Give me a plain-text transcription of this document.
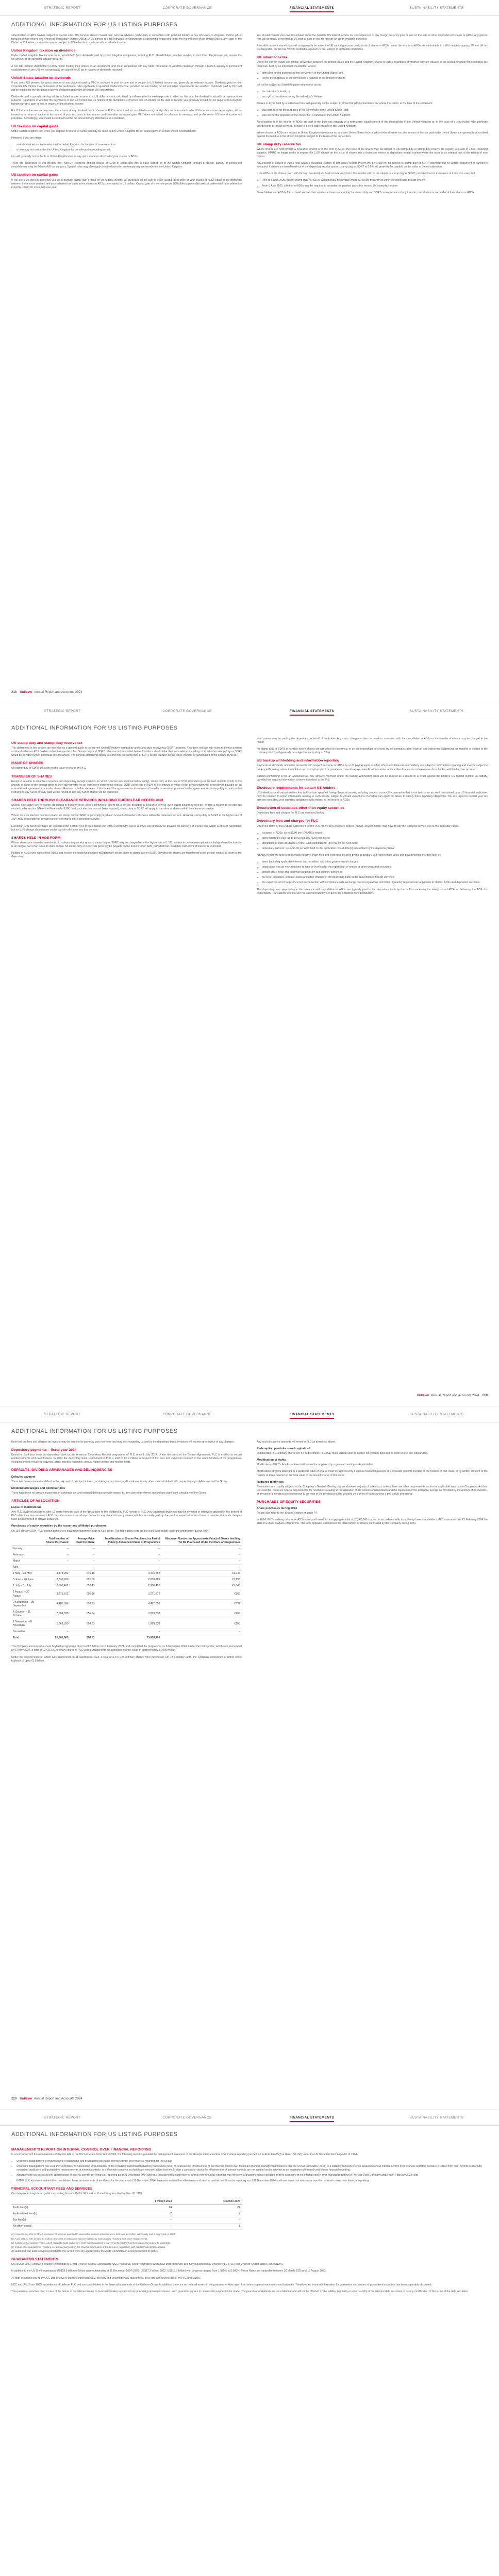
STRATEGIC REPORT	CORPORATE GOVERNANCE	FINANCIAL STATEMENTS	SUSTAINABILITY STATEMENTS
ADDITIONAL INFORMATION FOR US LISTING PURPOSES

shareholders or ADS holders subject to special rules. US persons should consult their own tax advisers, particularly in connection with potential liability to pay US taxes on disposal, lifetime gift or bequest of their shares and American Depositary Shares (ADSs). A US person is a US individual or corporation, a partnership organised under the federal laws of the United States, any state or the District of Columbia, or any other person subject to US federal income tax on its worldwide income.

United Kingdom taxation on dividends

Under United Kingdom law, income tax is not withheld from dividends paid by United Kingdom companies, including PLC. Shareholders, whether resident in the United Kingdom or not, receive the full amount of the dividend actually declared.

A non-UK resident shareholder or ADS holder holding their shares as an investment (and not in connection with any trade, profession or vocation carried on through a branch, agency or permanent establishment in the UK) will not generally be subject to UK tax in respect of dividends received.

United States taxation on dividends

If you are a US person, the gross amount of any dividend paid by PLC is included in your income and is subject to US federal income tax, generally as ordinary income. Dividends paid to non-corporate US holders may be taxable at the preferential rates applicable to qualified dividend income, provided certain holding period and other requirements are satisfied. Dividends paid by PLC will not be eligible for the dividends-received deduction generally allowed to US corporations.

Dividends paid in pounds sterling will be included in your income in a US dollar amount calculated by reference to the exchange rate in effect on the date the dividend is actually or constructively received, regardless of whether the payment is in fact converted into US dollars. If the dividend is converted into US dollars on the date of receipt, you generally should not be required to recognise foreign currency gain or loss in respect of the dividend income.

For US federal income tax purposes, the amount of any dividend paid in excess of PLC's current and accumulated earnings and profits, as determined under US federal income tax principles, will be treated as a return of capital to the extent of your tax basis in the shares, and thereafter as capital gain. PLC does not intend to calculate its earnings and profits under US federal income tax principles. Accordingly, you should expect to treat the full amount of any distribution as a dividend.

UK taxation on capital gains

Under United Kingdom law, when you dispose of shares or ADSs you may be liable to pay United Kingdom tax on capital gains in certain limited circumstances.

However, if you are either:

• an individual who is not resident in the United Kingdom for the year of assessment; or
• a company not resident in the United Kingdom for the relevant accounting period,

you will generally not be liable to United Kingdom tax on any gains made on disposal of your shares or ADSs.

There are exceptions to this general rule. Non-UK residents holding shares or ADSs in connection with a trade carried on in the United Kingdom through a branch, agency or permanent establishment may be liable to UK tax on gains. Special rules may also apply to individuals who are temporarily non-resident in the United Kingdom.

US taxation on capital gains

If you are a US person, generally you will recognise capital gain or loss for US federal income tax purposes on the sale or other taxable disposition of your shares or ADSs equal to the difference between the amount realised and your adjusted tax basis in the shares or ADSs, determined in US dollars. Capital gain of a non-corporate US holder is generally taxed at preferential rates where the property is held for more than one year.

You should consult your own tax adviser about the possible US federal income tax consequences of any foreign currency gain or loss on the sale or other disposition of shares or ADSs. Any gain or loss will generally be treated as US source gain or loss for foreign tax credit limitation purposes.

A non-UK resident shareholder will not generally be subject to UK capital gains tax on disposal of shares or ADSs unless the shares or ADSs are attributable to a UK branch or agency. Where UK tax is chargeable, the UK tax may be creditable against US tax, subject to applicable limitations.

UK inheritance tax

Under the current estate and gift tax convention between the United States and the United Kingdom, shares or ADSs regardless of whether they are situated in the United Kingdom for inheritance tax purposes, held by an individual shareholder who is:

• domiciled for the purposes of the convention in the United States; and
• not for the purposes of the convention a national of the United Kingdom,

will not be subject to United Kingdom inheritance tax on:

• the individual's death; or
• on a gift of the shares during the individual's lifetime.

Shares or ADSs held by a settlement trust will generally not be subject to United Kingdom inheritance tax where the settlor, at the time of the settlement:

• was domiciled for the purposes of the convention in the United States; and
• was not for the purposes of the convention a national of the United Kingdom.

An exception is if the shares or ADSs are part of the business property of a permanent establishment of the shareholder in the United Kingdom or, in the case of a shareholder who performs independent personal services, pertain to a fixed base situated in the United Kingdom.

Where shares or ADSs are subject to United Kingdom inheritance tax and also United States federal gift or federal estate tax, the amount of the tax paid in the United States can generally be credited against the tax due in the United Kingdom, subject to the terms of the convention.

UK stamp duty reserve tax

Where shares are held through a clearance system or in the form of ADSs, the issue of the shares may be subject to UK stamp duty or stamp duty reserve tax (SDRT) at a rate of 1.5%. Following litigation, HMRC no longer seeks to impose the 1.5% charge on the issue of shares into a clearance service or depositary receipt system where the issue is an integral part of the raising of new capital.

Any transfer of shares or ADSs held within a clearance system or depositary receipt system will generally not be subject to stamp duty or SDRT, provided that no written instrument of transfer is executed. If shares are transferred out of the depositary receipt system, stamp duty or SDRT at 0.5% will generally be payable on the value of the consideration.

If the ADSs or the shares (each with through brackets) are held in book entry form, the transfer will not be subject to stamp duty or SDRT, provided that no instrument of transfer is executed.

• Prior to 6 April 2025, neither stamp duty nor SDRT will generally be payable where ADSs are transferred within the depositary receipt system.
• From 6 April 2025, a holder of ADSs may be required to consider the position under the revised UK stamp tax regime.

Shareholders and ADS holders should consult their own tax advisers concerning the stamp duty and SDRT consequences of any transfer, cancellation or surrender of their shares or ADSs.

218 Unilever Annual Report and Accounts 2024
STRATEGIC REPORT	CORPORATE GOVERNANCE	FINANCIAL STATEMENTS	SUSTAINABILITY STATEMENTS
ADDITIONAL INFORMATION FOR US LISTING PURPOSES
UK stamp duty and stamp duty reserve tax

The statements in this section are intended as a general guide to the current United Kingdom stamp duty and stamp duty reserve tax (SDRT) position. This does not take into account the tax position of shareholders or ADS holders subject to special rules. Stamp duty and SDRT rules are not described below. Investors should take their own advice, including as to whether stamp duty or SDRT would be payable in their particular circumstances. The general statements below assume that no stamp duty or SDRT will be payable on the issue, transfer or cancellation of the shares or ADSs.

ISSUE OF SHARES

No stamp duty or SDRT will arise on the issue of shares by PLC.

TRANSFER OF SHARES

Except in relation to clearance services and depositary receipt systems (to which special rules outlined below apply), stamp duty at the rate of 0.5% (rounded up to the next multiple of £5) of the amount or value of the consideration is generally payable on an instrument transferring shares. SDRT at the rate of 0.5% of the amount or value of the consideration will generally be payable on an unconditional agreement to transfer shares. However, if within six years of the date of the agreement an instrument of transfer is executed pursuant to the agreement and stamp duty is paid on that instrument, any SDRT already paid will be refunded and any SDRT charge will be cancelled.

SHARES HELD THROUGH CLEARANCE SERVICES INCLUDING EUROCLEAR NEDERLAND

Special rules apply where shares are issued or transferred to, or to a nominee or agent for, a person providing a clearance service (a so-called clearance service). Where a clearance service has elected under section 97A of the Finance Act 1986 (and such election has not been revoked), stamp duty or SDRT will apply to transfers of shares within the clearance service.

Where no such election has been made, no stamp duty or SDRT is generally payable in respect of transfers of shares within the clearance service. However, stamp duty or SDRT at the higher rate of 1.5% may be payable on certain transfers of shares into a clearance service.

Euroclear Nederland has made an election under section 97A of the Finance Act 1986. Accordingly, SDRT at 0.5% will generally be payable on transfers of shares held within Euroclear Nederland, but no 1.5% charge should arise on the transfer of shares into that service.

SHARES HELD IN ADS FORM

Where shares are issued or transferred to a depositary receipt system, stamp duty or SDRT may be chargeable at the higher rate of 1.5%, subject to certain exemptions, including where the transfer is an integral part of an issue of share capital. No stamp duty or SDRT will generally be payable on the transfer of an ADS, provided that no written instrument of transfer is executed.

Holders of ADSs who cancel their ADSs and receive the underlying shares will generally not be liable to stamp duty or SDRT, provided the shares are transferred to the person entitled to them by the depositary.

which arises may be paid by the depositary on behalf of the holder. Any costs, charges or fees incurred in connection with the cancellation of ADSs or the transfer of shares may be charged to the holder.

No stamp duty or SDRT is payable where shares are cancelled or redeemed, or on the repurchase of shares by the company, other than on any instrument evidencing the transfer of shares to the company, which will generally be subject to stamp duty at 0.5%.

US backup withholding and information reporting

Payments of dividends and other proceeds with respect to shares or ADSs by a US paying agent or other US-related financial intermediary are subject to information reporting and may be subject to backup withholding unless the holder is an exempt recipient or provides a correct taxpayer identification number and certifies that no loss of exemption from backup withholding has occurred.

Backup withholding is not an additional tax. Any amounts withheld under the backup withholding rules will be allowed as a refund or a credit against the holder's US federal income tax liability, provided the required information is timely furnished to the IRS.

Disclosure requirements for certain US holders

US individuals and certain entities that hold certain specified foreign financial assets, including stock of a non-US corporation that is not held in an account maintained by a US financial institution, may be required to report information relating to such assets, subject to certain exceptions. Penalties can apply for failure to satisfy these reporting obligations. You are urged to consult your tax advisers regarding your reporting obligations with respect to the shares or ADSs.

Description of securities other than equity securities

Depositary fees and charges for PLC are described below.

Depositary fees and charges for PLC

Under the terms of the Deposit Agreement for the PLC American Depositary Shares (ADSs), an ADS holder may have to pay the following service fees to the depositary bank:

• issuance of ADSs: up to $5.00 per 100 ADSs issued;
• cancellation of ADSs: up to $5.00 per 100 ADSs cancelled;
• distribution of cash dividends or other cash distributions: up to $0.05 per ADS held;
• depositary services: up to $0.05 per ADS held on the applicable record date(s) established by the depositary bank.

An ADS holder will also be responsible to pay certain fees and expenses incurred by the depositary bank and certain taxes and governmental charges such as:

• taxes (including applicable interest and penalties) and other governmental charges;
• registration fees as may from time to time be in effect for the registration of shares or other deposited securities;
• certain cable, telex and facsimile transmission and delivery expenses;
• the fees, expenses, spreads, taxes and other charges of the depositary bank in the conversion of foreign currency;
• the expenses and charges incurred in connection with compliance with exchange control regulations and other regulatory requirements applicable to shares, ADSs and deposited securities.

The depositary fees payable upon the issuance and cancellation of ADSs are typically paid to the depositary bank by the brokers receiving the newly issued ADSs or delivering the ADSs for cancellation. Transaction fees that are not collected directly are generally deducted from distributions.

Unilever Annual Report and Accounts 2024 219
STRATEGIC REPORT	CORPORATE GOVERNANCE	FINANCIAL STATEMENTS	SUSTAINABILITY STATEMENTS
ADDITIONAL INFORMATION FOR US LISTING PURPOSES

Note that the fees and charges an investor may be required to pay may vary over time and may be changed by us and by the depositary bank. Investors will receive prior notice of any changes.

Depositary payments – fiscal year 2024

Deutsche Bank has been the depositary bank for the American Depositary Receipt programme of PLC since 1 July 2014. Under the terms of the Deposit Agreement, PLC is entitled to certain reimbursements and contributions. In 2024 the depositary bank reimbursed to PLC a total of €0.9 million in respect of the fees and expenses incurred in the administration of the programme, including investor relations activities, proxy process expenses, annual report printing and mailing costs.

DEFAULTS, DIVIDEND ARREARAGES AND DELINQUENCIES
Defaults payment

There has been no material default in the payment of principal, interest, or sinking or purchase fund instalment or any other material default with respect to any indebtedness of the Group.

Dividend arrearages and delinquencies

There have been no arrears in payment of dividends on, and material delinquency with respect to, any class of preferred stock of any significant subsidiary of the Group.

ARTICLES OF ASSOCIATION
Lapse of distributions

Any PLC dividend unclaimed after 12 years from the date of the declaration of the dividend by PLC reverts to PLC. Any unclaimed dividends may be invested or otherwise applied for the benefit of PLC while they are unclaimed. PLC may also cease to send any cheque for any dividend on any shares which is normally paid by cheque if in respect of at least two consecutive dividends cheques have been returned or remain uncashed.

Purchases of equity securities by the issuer and affiliated purchasers

On 13 February 2024, PLC announced a share buyback programme of up to €1.5 billion. The table below sets out the purchases made under the programme during 2024.

	Total Number of Shares Purchased	Average Price Paid Per Share	Total Number of Shares Purchased as Part of Publicly Announced Plans or Programmes	Maximum Number (or Approximate Value) of Shares that May Yet Be Purchased Under the Plans or Programmes
January	–	–	–	–
February	–	–	–	–
March	–	–	–	–
April	–	–	–	–
1 May – 31 May	3,476,252	€45.16	3,476,252	€1,343
3 June – 28 June	2,838,789	€51.00	2,838,789	€1,198
1 July – 31 July	2,900,402	€53.43	2,900,402	€1,043
1 August – 30 August	3,271,812	€56.16	3,271,812	€859
2 September – 30 September	4,487,096	€58.33	4,487,096	€597
1 October – 31 October	7,009,338	€56.04	7,009,338	€205
1 November – 8 November	1,869,939	€54.63	1,869,939	€103
December	–	–	–	–
Total	25,868,909	€54.31	25,868,909	

The Company announced a share buyback programme of up to €1.5 billion on 13 February 2024, and completed the programme on 8 November 2024. Under the first tranche, which was announced on 17 May 2024, a total of 19,421,181 ordinary shares in PLC were purchased for an aggregate market value of approximately €1,000 million.

Under the second tranche, which was announced on 11 September 2024, a total of 6,447,728 ordinary shares were purchased. On 13 February 2025, the Company announced a further share buyback of up to €1.5 billion.

Any such unclaimed amounts will revert to PLC as described above.

Redemption provisions and capital call

Outstanding PLC ordinary shares are not redeemable. PLC may make capital calls on shares not yet fully paid, but no such shares are outstanding.

Modification of rights

Modification of PLC's Articles of Association must be approved by a general meeting of shareholders.

Modification of rights attached to a particular class of shares must be approved by a special resolution passed at a separate general meeting of the holders of that class, or by written consent of the holders of three-quarters in nominal value of the issued shares of that class.

Required majorities

Resolutions are usually adopted at the Company's General Meetings by an absolute majority of votes cast, unless there are other requirements under the applicable laws or the Company's Articles. For example, there are special requirements for resolutions relating to the alteration of the Articles of Association and the liquidation of the Company. Except as provided by the Articles of Association, at any general meeting a resolution put to the vote of the meeting shall be decided on a show of hands unless a poll is duly demanded.

PURCHASES OF EQUITY SECURITIES
Share purchases during 2024

Please also refer to the 'Shares' section on page 74.

In 2024, PLC's ordinary shares or ADSs were purchased for an aggregate total of 25,868,909 shares. In accordance with its authority from shareholders, PLC announced on 13 February 2024 the start of a share buyback programme. The table opposite summarises the total number of shares purchased by the Company during 2024.

220 Unilever Annual Report and Accounts 2024
STRATEGIC REPORT	CORPORATE GOVERNANCE	FINANCIAL STATEMENTS	SUSTAINABILITY STATEMENTS
ADDITIONAL INFORMATION FOR US LISTING PURPOSES
MANAGEMENT'S REPORT ON INTERNAL CONTROL OVER FINANCIAL REPORTING

In accordance with the requirements of Section 404 of the US Sarbanes-Oxley Act of 2002, the following report is provided by management in respect of the Group's internal control over financial reporting (as defined in Rule 13a-15(f) or Rule 15d-15(f) under the US Securities Exchange Act of 1934):

• Unilever's management is responsible for establishing and maintaining adequate internal control over financial reporting for the Group;
• Unilever's management has used the Committee of Sponsoring Organizations of the Treadway Commission (COSO) framework (2013) to evaluate the effectiveness of our internal control over financial reporting. Management believes that the COSO framework (2013) is a suitable framework for its evaluation of our internal control over financial reporting because it is free from bias, permits reasonably consistent qualitative and quantitative measurements of internal controls, is sufficiently complete so that those relevant factors that would alter a conclusion about the effectiveness of internal controls are not omitted and is relevant to an evaluation of internal control over financial reporting;
• Management has assessed the effectiveness of internal control over financial reporting as of 31 December 2024 and has concluded that such internal control over financial reporting was effective. Management has excluded from its assessment the internal control over financial reporting of The Vita Coco Company acquired in February 2024; and
• KPMG LLP, who have audited the consolidated financial statements of the Group for the year ended 31 December 2024, have also audited the effectiveness of internal control over financial reporting as of 31 December 2024 and have issued an attestation report on internal control over financial reporting.
PRINCIPAL ACCOUNTANT FEES AND SERVICES

Our independent registered public accounting firm is KPMG LLP, London, United Kingdom, Auditor Firm ID: 1118.

	€ million 2024	€ million 2023
Audit fees(a)	26	24
Audit-related fees(b)	2	2
Tax fees(c)	–	–
All other fees(d)	–	1

(a) Amounts payable to KPMG in respect of services supplied to associated pension schemes were less than €1 million individually and in aggregate in 2024.

(b) Audit-related fees include €1 million in respect of assurance services related to sustainability reporting and other engagements.

(c) Includes other audit services, which comprise audit and review work that regulations or agreements with third parties require the auditor to undertake.

(d) Includes fees payable for reporting accountant services on the financial information of the Group in connection with capital markets transactions.

All audit and non-audit services provided to the Group were pre-approved by the Audit Committee in accordance with its policy.

GUARANTOR STATEMENTS

On 28 July 2022, Unilever Finance Netherlands B.V. and Unilever Capital Corporation (UCC) filed a US Shelf registration, which was unconditionally and fully guaranteed by Unilever PLC (PLC) and Unilever United States, Inc. (UNUS).

In addition to the US Shelf registration, US$18.9 billion of Notes were outstanding at 31 December 2024 (2023: US$17.2 billion; 2022: US$15.9 billion) with coupons ranging from 1.375% to 5.900%. These Notes are repayable between 20 March 2025 and 13 August 2053.

All debt securities issued by UCC and Unilever Finance Netherlands B.V. are fully and unconditionally guaranteed, on a joint and several basis, by PLC and UNUS.

UCC and UNUS are 100% subsidiaries of Unilever PLC and are consolidated in the financial statements of the Unilever Group. In addition, there are no material assets in the guarantor entities apart from intercompany investments and balances. Therefore, no financial information for guarantors and issuers of guaranteed securities has been separately disclosed.

The guarantee provides that, in case of the failure of the relevant issuer to punctually make payment of any principal, premium or interest, each guarantor agrees to cause such payment to be made. The guarantor obligations are unconditional and will not be affected by the validity, regularity or enforceability of the relevant debt securities or by any modification of the terms of the debt securities.
